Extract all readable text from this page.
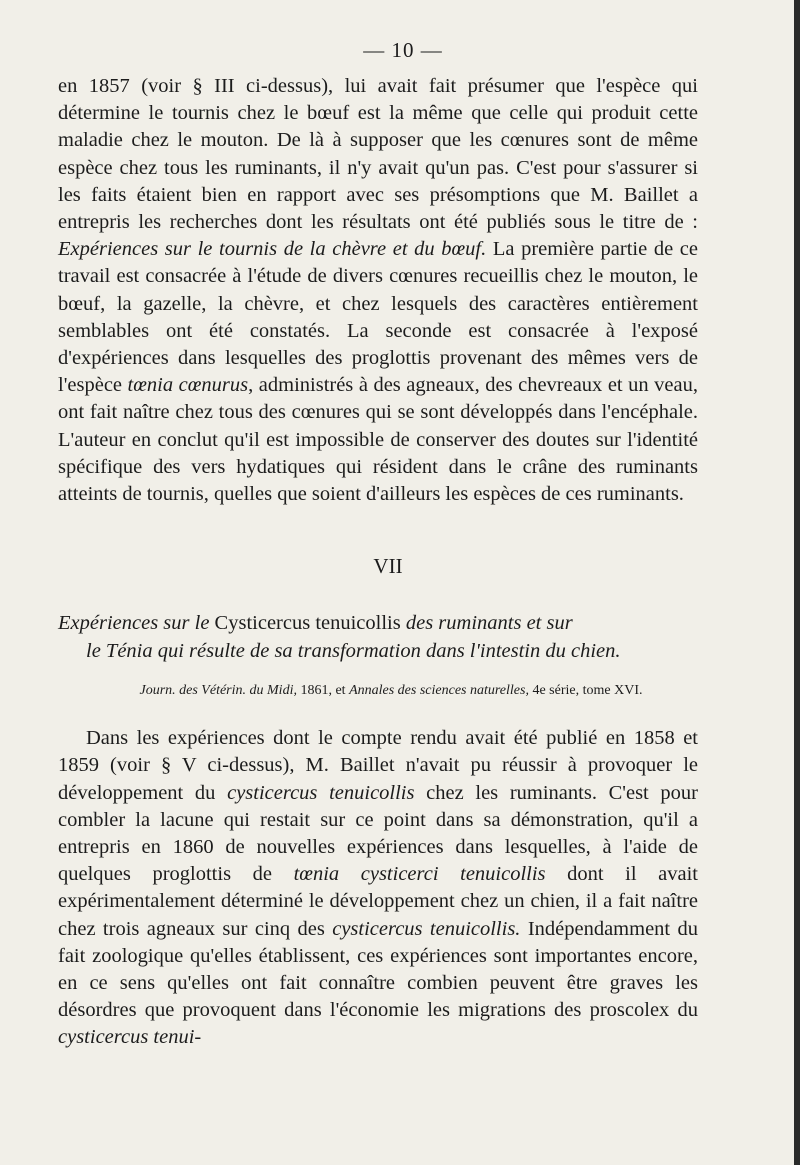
— 10 —

en 1857 (voir § III ci-dessus), lui avait fait présumer que l'espèce qui détermine le tournis chez le bœuf est la même que celle qui produit cette maladie chez le mouton. De là à supposer que les cœnures sont de même espèce chez tous les ruminants, il n'y avait qu'un pas. C'est pour s'assurer si les faits étaient bien en rapport avec ses présomptions que M. Baillet a entrepris les recherches dont les résultats ont été publiés sous le titre de : Expériences sur le tournis de la chèvre et du bœuf. La première partie de ce travail est consacrée à l'étude de divers cœnures recueillis chez le mouton, le bœuf, la gazelle, la chèvre, et chez lesquels des caractères entièrement semblables ont été constatés. La seconde est consacrée à l'exposé d'expériences dans lesquelles des proglottis provenant des mêmes vers de l'espèce tœnia cœnurus, administrés à des agneaux, des chevreaux et un veau, ont fait naître chez tous des cœnures qui se sont développés dans l'encéphale. L'auteur en conclut qu'il est impossible de conserver des doutes sur l'identité spécifique des vers hydatiques qui résident dans le crâne des ruminants atteints de tournis, quelles que soient d'ailleurs les espèces de ces ruminants.

VII

Expériences sur le Cysticercus tenuicollis des ruminants et sur
le Ténia qui résulte de sa transformation dans l'intestin du chien.

Journ. des Vétérin. du Midi, 1861, et Annales des sciences naturelles, 4e série, tome XVI.

Dans les expériences dont le compte rendu avait été publié en 1858 et 1859 (voir § V ci-dessus), M. Baillet n'avait pu réussir à provoquer le développement du cysticercus tenuicollis chez les ruminants. C'est pour combler la lacune qui restait sur ce point dans sa démonstration, qu'il a entrepris en 1860 de nouvelles expériences dans lesquelles, à l'aide de quelques proglottis de tœnia cysticerci tenuicollis dont il avait expérimentalement déterminé le développement chez un chien, il a fait naître chez trois agneaux sur cinq des cysticercus tenuicollis. Indépendamment du fait zoologique qu'elles établissent, ces expériences sont importantes encore, en ce sens qu'elles ont fait connaître combien peuvent être graves les désordres que provoquent dans l'économie les migrations des proscolex du cysticercus tenui-
